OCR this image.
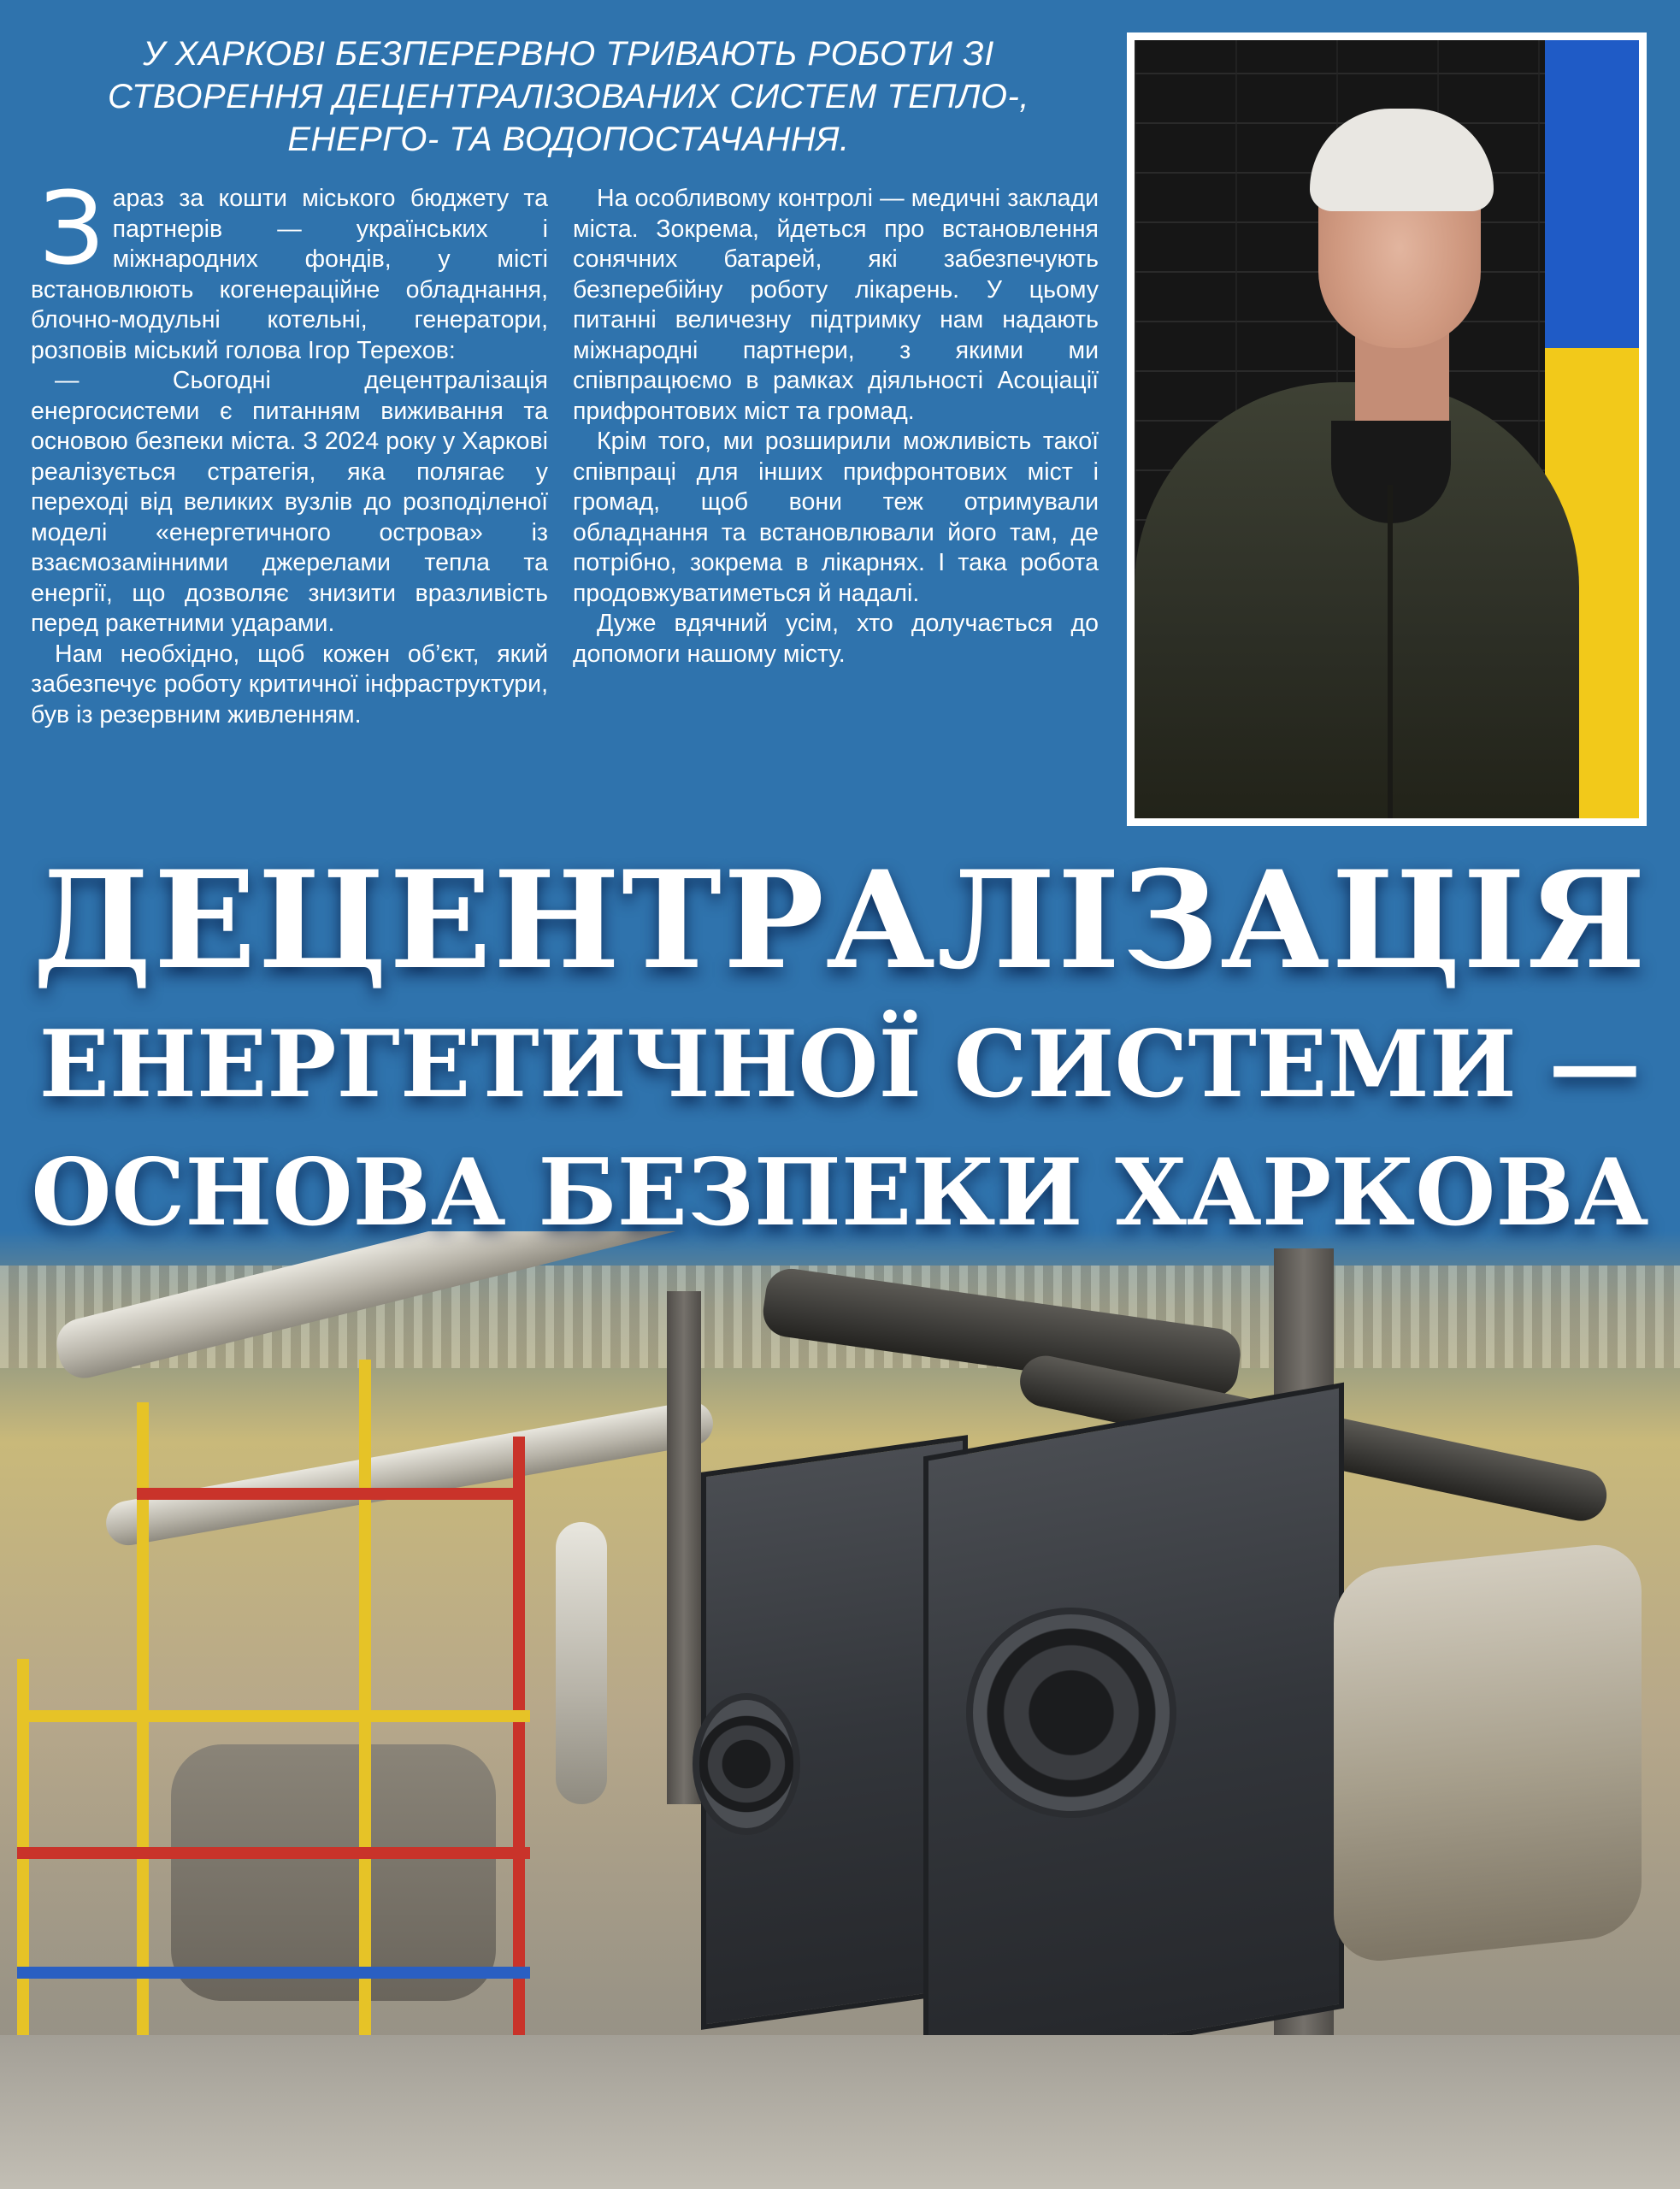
У ХАРКОВІ БЕЗПЕРЕРВНО ТРИВАЮТЬ РОБОТИ ЗІ СТВОРЕННЯ ДЕЦЕНТРАЛІЗОВАНИХ СИСТЕМ ТЕПЛО-, ЕНЕРГО- ТА ВОДОПОСТАЧАННЯ.

Зараз за кошти міського бюджету та партнерів — українських і міжнародних фондів, у місті встановлюють когенераційне обладнання, блочно-модульні котельні, генератори, розповів міський голова Ігор Терехов:

— Сьогодні децентралізація енергосистеми є питанням виживання та основою безпеки міста. З 2024 року у Харкові реалізується стратегія, яка полягає у переході від великих вузлів до розподіленої моделі «енергетичного острова» із взаємозамінними джерелами тепла та енергії, що дозволяє знизити вразливість перед ракетними ударами.

Нам необхідно, щоб кожен об’єкт, який забезпечує роботу критичної інфраструктури, був із резервним живленням.

На особливому контролі — медичні заклади міста. Зокрема, йдеться про встановлення сонячних батарей, які забезпечують безперебійну роботу лікарень. У цьому питанні величезну підтримку нам надають міжнародні партнери, з якими ми співпрацюємо в рамках діяльності Асоціації прифронтових міст та громад.

Крім того, ми розширили можливість такої співпраці для інших прифронтових міст і громад, щоб вони теж отримували обладнання та встановлювали його там, де потрібно, зокрема в лікарнях. І така робота продовжуватиметься й надалі.

Дуже вдячний усім, хто долучається до допомоги нашому місту.

ДЕЦЕНТРАЛІЗАЦІЯ
ЕНЕРГЕТИЧНОЇ СИСТЕМИ —
ОСНОВА БЕЗПЕКИ ХАРКОВА
